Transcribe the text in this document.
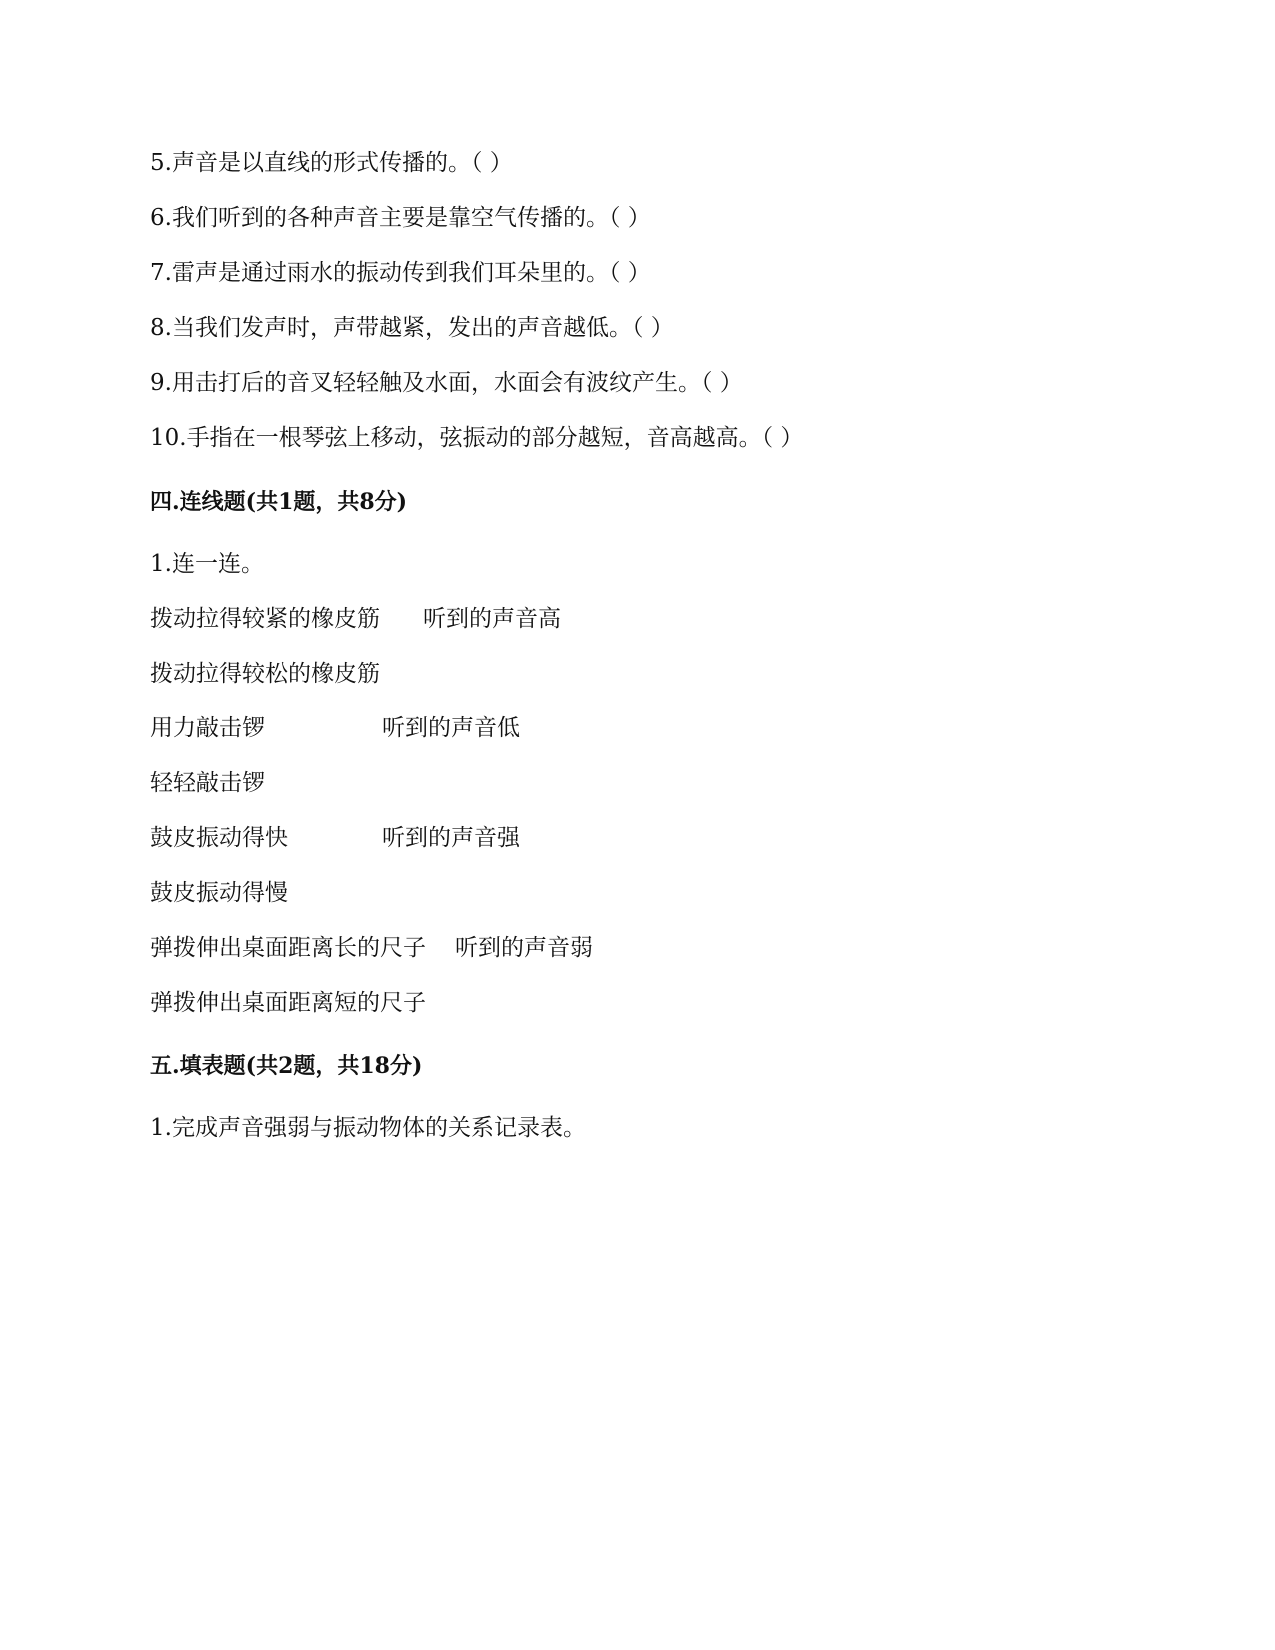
5.声音是以直线的形式传播的。（ ）
6.我们听到的各种声音主要是靠空气传播的。（ ）
7.雷声是通过雨水的振动传到我们耳朵里的。（ ）
8.当我们发声时，声带越紧，发出的声音越低。（ ）
9.用击打后的音叉轻轻触及水面，水面会有波纹产生。（ ）
10.手指在一根琴弦上移动，弦振动的部分越短，音高越高。（ ）
四.连线题(共1题，共8分)
1.连一连。
拨动拉得较紧的橡皮筋 听到的声音高
拨动拉得较松的橡皮筋
用力敲击锣	听到的声音低
轻轻敲击锣
鼓皮振动得快	听到的声音强
鼓皮振动得慢
弹拨伸出桌面距离长的尺子 听到的声音弱
弹拨伸出桌面距离短的尺子
五.填表题(共2题，共18分)
1.完成声音强弱与振动物体的关系记录表。
